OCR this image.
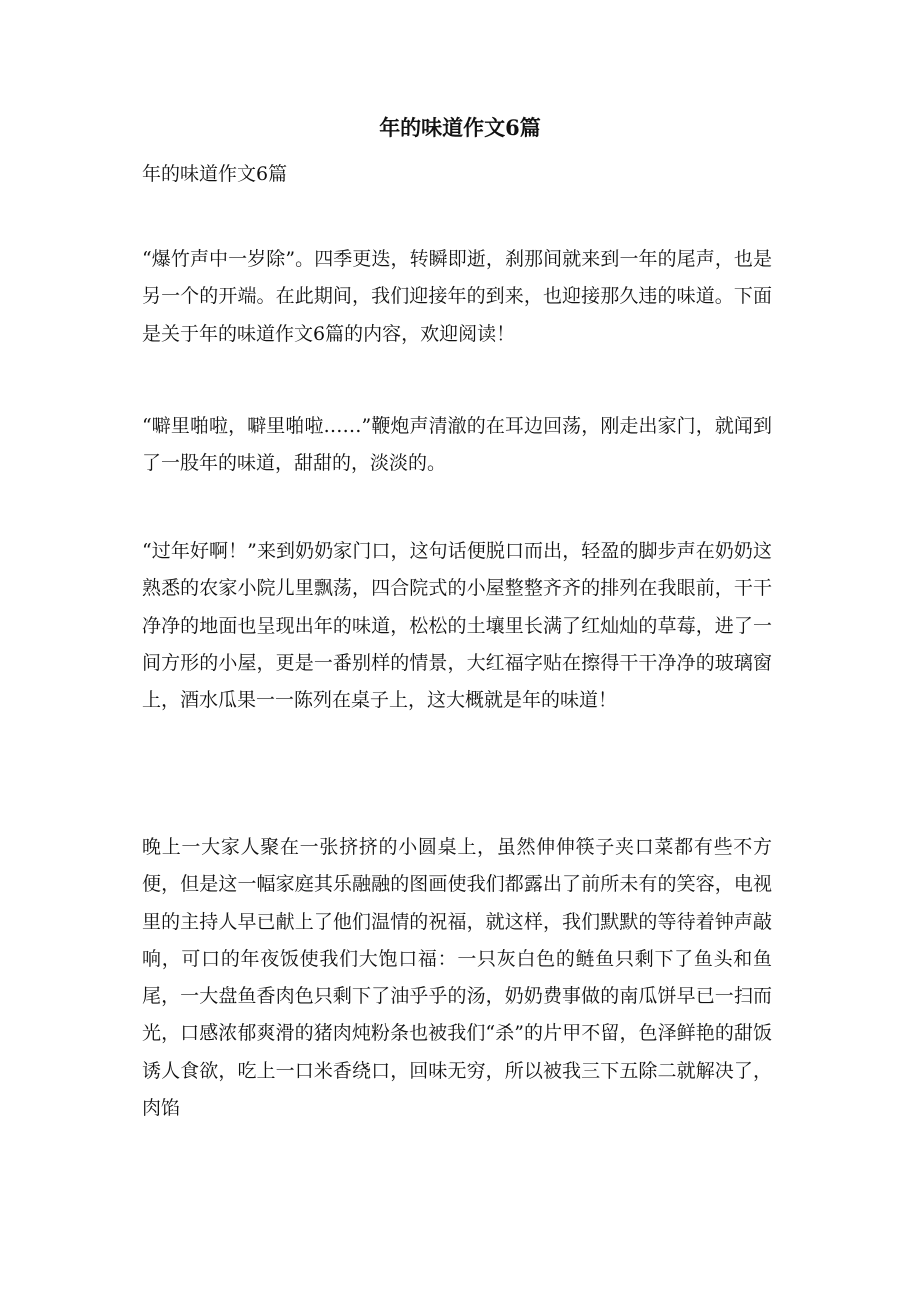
年的味道作文6篇

年的味道作文6篇

“爆竹声中一岁除”。四季更迭，转瞬即逝，刹那间就来到一年的尾声，也是另一个的开端。在此期间，我们迎接年的到来，也迎接那久违的味道。下面是关于年的味道作文6篇的内容，欢迎阅读！

“噼里啪啦，噼里啪啦……”鞭炮声清澈的在耳边回荡，刚走出家门，就闻到了一股年的味道，甜甜的，淡淡的。

“过年好啊！”来到奶奶家门口，这句话便脱口而出，轻盈的脚步声在奶奶这熟悉的农家小院儿里飘荡，四合院式的小屋整整齐齐的排列在我眼前，干干净净的地面也呈现出年的味道，松松的土壤里长满了红灿灿的草莓，进了一间方形的小屋，更是一番别样的情景，大红福字贴在擦得干干净净的玻璃窗上，酒水瓜果一一陈列在桌子上，这大概就是年的味道！

晚上一大家人聚在一张挤挤的小圆桌上，虽然伸伸筷子夹口菜都有些不方便，但是这一幅家庭其乐融融的图画使我们都露出了前所未有的笑容，电视里的主持人早已献上了他们温情的祝福，就这样，我们默默的等待着钟声敲响，可口的年夜饭使我们大饱口福：一只灰白色的鲢鱼只剩下了鱼头和鱼尾，一大盘鱼香肉色只剩下了油乎乎的汤，奶奶费事做的南瓜饼早已一扫而光，口感浓郁爽滑的猪肉炖粉条也被我们“杀”的片甲不留，色泽鲜艳的甜饭诱人食欲，吃上一口米香绕口，回味无穷，所以被我三下五除二就解决了，肉馅
